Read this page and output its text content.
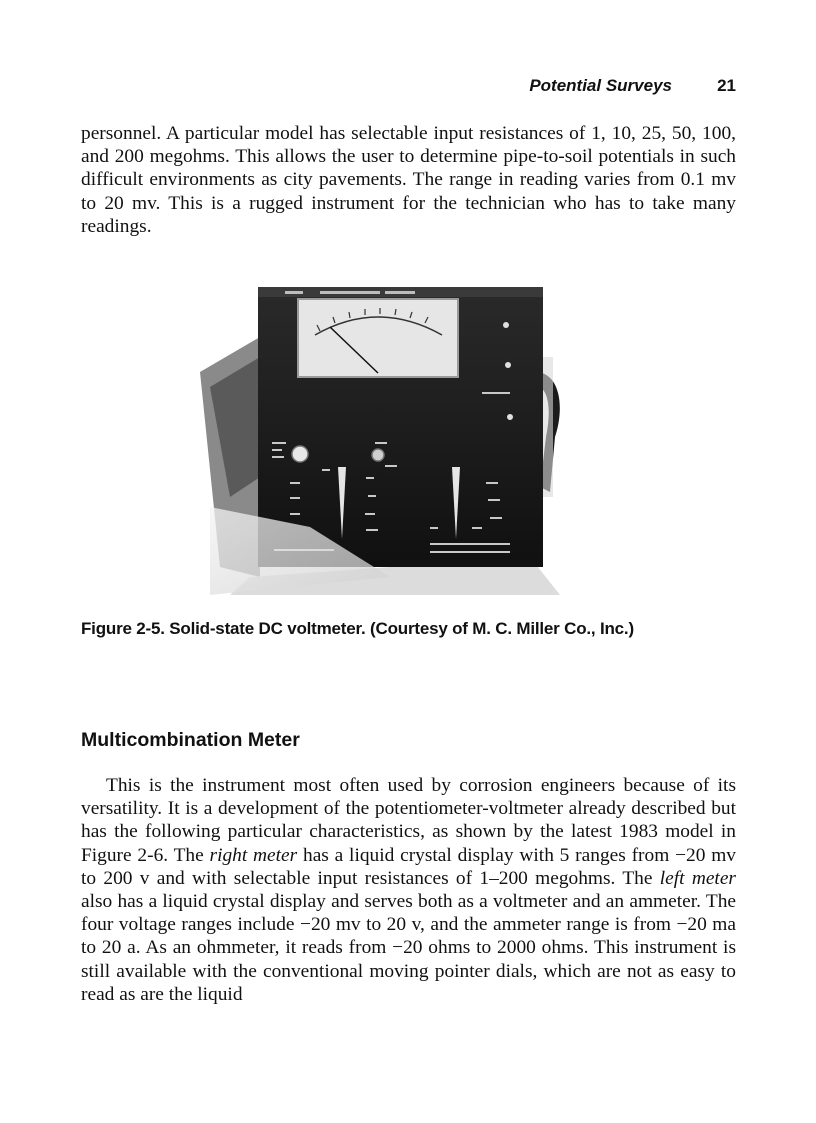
Potential Surveys	21

personnel. A particular model has selectable input resistances of 1, 10, 25, 50, 100, and 200 megohms. This allows the user to determine pipe-to-soil potentials in such difficult environments as city pavements. The range in reading varies from 0.1 mv to 20 mv. This is a rugged instrument for the technician who has to take many readings.

Figure 2-5. Solid-state DC voltmeter. (Courtesy of M. C. Miller Co., Inc.)

Multicombination Meter

This is the instrument most often used by corrosion engineers because of its versatility. It is a development of the potentiometer-voltmeter already described but has the following particular characteristics, as shown by the latest 1983 model in Figure 2-6. The right meter has a liquid crystal display with 5 ranges from −20 mv to 200 v and with selectable input resistances of 1–200 megohms. The left meter also has a liquid crystal display and serves both as a voltmeter and an ammeter. The four voltage ranges include −20 mv to 20 v, and the ammeter range is from −20 ma to 20 a. As an ohmmeter, it reads from −20 ohms to 2000 ohms. This instrument is still available with the conventional moving pointer dials, which are not as easy to read as are the liquid
